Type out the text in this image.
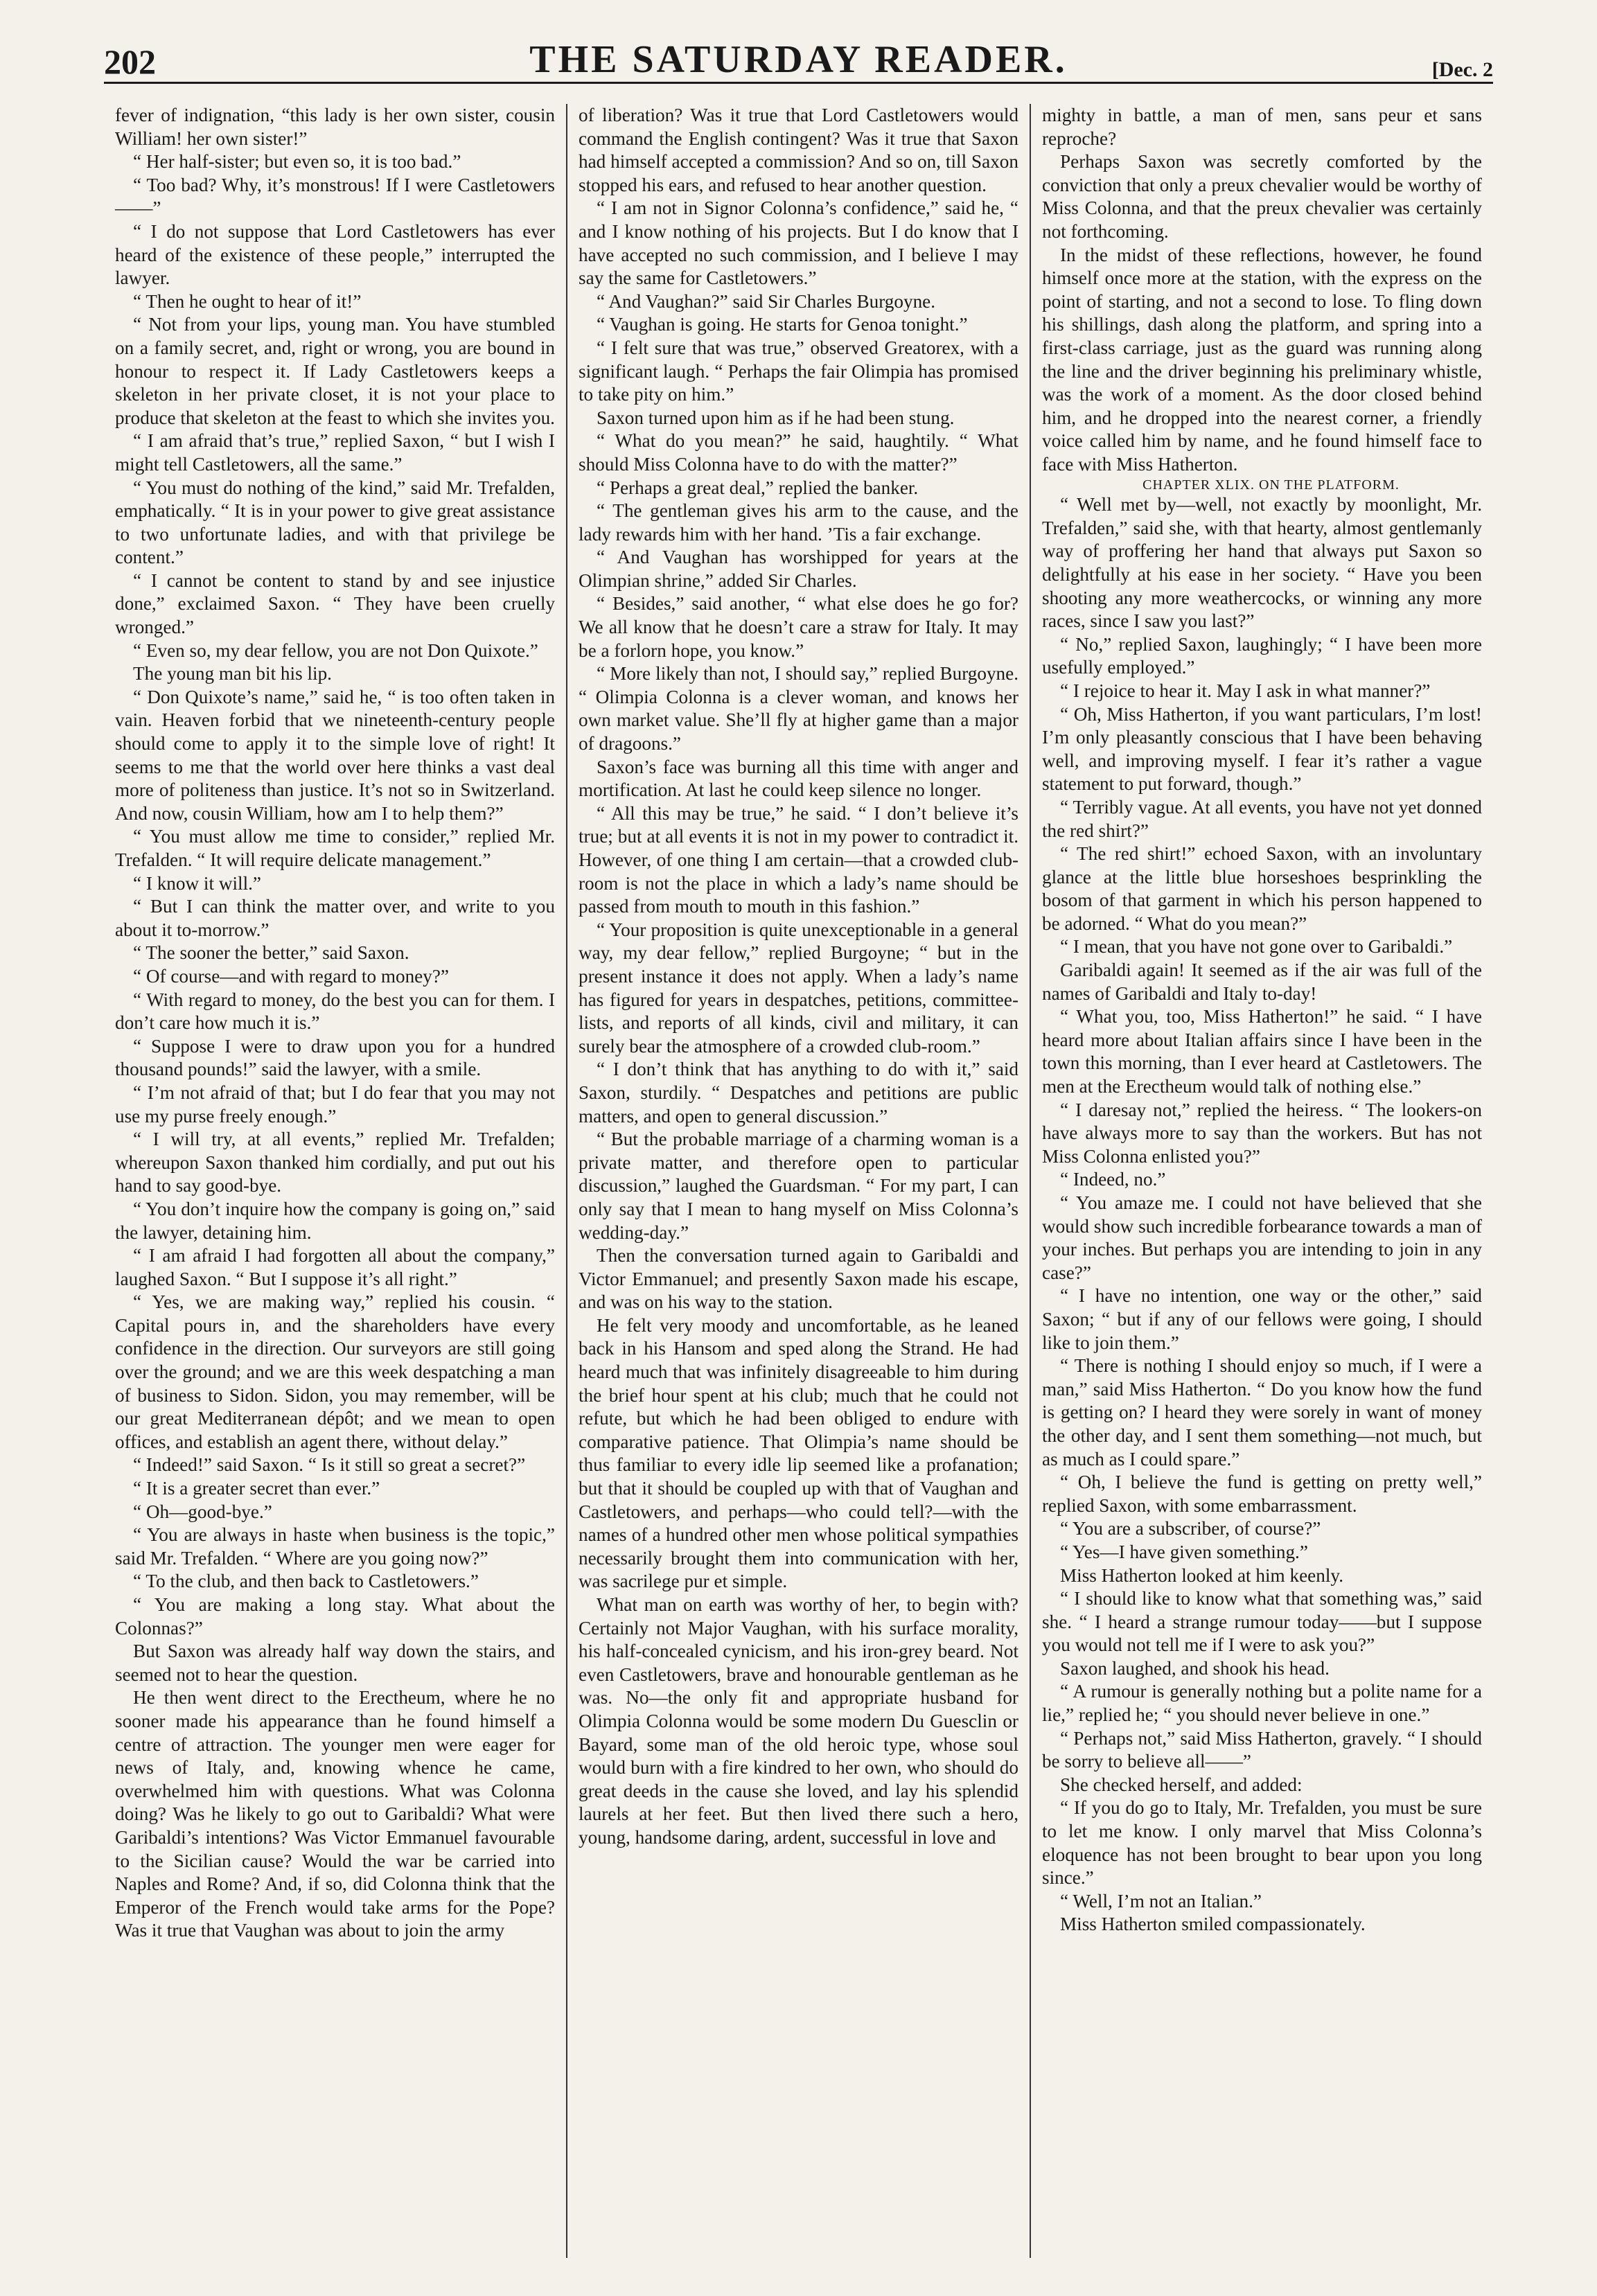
202	THE SATURDAY READER.	[Dec. 2

fever of indignation, “this lady is her own sister, cousin William! her own sister!”

“ Her half-sister; but even so, it is too bad.”

“ Too bad? Why, it’s monstrous! If I were Castletowers——”

“ I do not suppose that Lord Castletowers has ever heard of the existence of these people,” interrupted the lawyer.

“ Then he ought to hear of it!”

“ Not from your lips, young man. You have stumbled on a family secret, and, right or wrong, you are bound in honour to respect it. If Lady Castletowers keeps a skeleton in her private closet, it is not your place to produce that skeleton at the feast to which she invites you.

“ I am afraid that’s true,” replied Saxon, “ but I wish I might tell Castletowers, all the same.”

“ You must do nothing of the kind,” said Mr. Trefalden, emphatically. “ It is in your power to give great assistance to two unfortunate ladies, and with that privilege be content.”

“ I cannot be content to stand by and see injustice done,” exclaimed Saxon. “ They have been cruelly wronged.”

“ Even so, my dear fellow, you are not Don Quixote.”

The young man bit his lip.

“ Don Quixote’s name,” said he, “ is too often taken in vain. Heaven forbid that we nineteenth-century people should come to apply it to the simple love of right! It seems to me that the world over here thinks a vast deal more of politeness than justice. It’s not so in Switzerland. And now, cousin William, how am I to help them?”

“ You must allow me time to consider,” replied Mr. Trefalden. “ It will require delicate management.”

“ I know it will.”

“ But I can think the matter over, and write to you about it to-morrow.”

“ The sooner the better,” said Saxon.

“ Of course—and with regard to money?”

“ With regard to money, do the best you can for them. I don’t care how much it is.”

“ Suppose I were to draw upon you for a hundred thousand pounds!” said the lawyer, with a smile.

“ I’m not afraid of that; but I do fear that you may not use my purse freely enough.”

“ I will try, at all events,” replied Mr. Trefalden; whereupon Saxon thanked him cordially, and put out his hand to say good-bye.

“ You don’t inquire how the company is going on,” said the lawyer, detaining him.

“ I am afraid I had forgotten all about the company,” laughed Saxon. “ But I suppose it’s all right.”

“ Yes, we are making way,” replied his cousin. “ Capital pours in, and the shareholders have every confidence in the direction. Our surveyors are still going over the ground; and we are this week despatching a man of business to Sidon. Sidon, you may remember, will be our great Mediterranean dépôt; and we mean to open offices, and establish an agent there, without delay.”

“ Indeed!” said Saxon. “ Is it still so great a secret?”

“ It is a greater secret than ever.”

“ Oh—good-bye.”

“ You are always in haste when business is the topic,” said Mr. Trefalden. “ Where are you going now?”

“ To the club, and then back to Castletowers.”

“ You are making a long stay. What about the Colonnas?”

But Saxon was already half way down the stairs, and seemed not to hear the question.

He then went direct to the Erectheum, where he no sooner made his appearance than he found himself a centre of attraction. The younger men were eager for news of Italy, and, knowing whence he came, overwhelmed him with questions. What was Colonna doing? Was he likely to go out to Garibaldi? What were Garibaldi’s intentions? Was Victor Emmanuel favourable to the Sicilian cause? Would the war be carried into Naples and Rome? And, if so, did Colonna think that the Emperor of the French would take arms for the Pope? Was it true that Vaughan was about to join the army

of liberation? Was it true that Lord Castletowers would command the English contingent? Was it true that Saxon had himself accepted a commission? And so on, till Saxon stopped his ears, and refused to hear another question.

“ I am not in Signor Colonna’s confidence,” said he, “ and I know nothing of his projects. But I do know that I have accepted no such commission, and I believe I may say the same for Castletowers.”

“ And Vaughan?” said Sir Charles Burgoyne.

“ Vaughan is going. He starts for Genoa tonight.”

“ I felt sure that was true,” observed Greatorex, with a significant laugh. “ Perhaps the fair Olimpia has promised to take pity on him.”

Saxon turned upon him as if he had been stung.

“ What do you mean?” he said, haughtily. “ What should Miss Colonna have to do with the matter?”

“ Perhaps a great deal,” replied the banker.

“ The gentleman gives his arm to the cause, and the lady rewards him with her hand. ’Tis a fair exchange.

“ And Vaughan has worshipped for years at the Olimpian shrine,” added Sir Charles.

“ Besides,” said another, “ what else does he go for? We all know that he doesn’t care a straw for Italy. It may be a forlorn hope, you know.”

“ More likely than not, I should say,” replied Burgoyne. “ Olimpia Colonna is a clever woman, and knows her own market value. She’ll fly at higher game than a major of dragoons.”

Saxon’s face was burning all this time with anger and mortification. At last he could keep silence no longer.

“ All this may be true,” he said. “ I don’t believe it’s true; but at all events it is not in my power to contradict it. However, of one thing I am certain—that a crowded club-room is not the place in which a lady’s name should be passed from mouth to mouth in this fashion.”

“ Your proposition is quite unexceptionable in a general way, my dear fellow,” replied Burgoyne; “ but in the present instance it does not apply. When a lady’s name has figured for years in despatches, petitions, committee-lists, and reports of all kinds, civil and military, it can surely bear the atmosphere of a crowded club-room.”

“ I don’t think that has anything to do with it,” said Saxon, sturdily. “ Despatches and petitions are public matters, and open to general discussion.”

“ But the probable marriage of a charming woman is a private matter, and therefore open to particular discussion,” laughed the Guardsman. “ For my part, I can only say that I mean to hang myself on Miss Colonna’s wedding-day.”

Then the conversation turned again to Garibaldi and Victor Emmanuel; and presently Saxon made his escape, and was on his way to the station.

He felt very moody and uncomfortable, as he leaned back in his Hansom and sped along the Strand. He had heard much that was infinitely disagreeable to him during the brief hour spent at his club; much that he could not refute, but which he had been obliged to endure with comparative patience. That Olimpia’s name should be thus familiar to every idle lip seemed like a profanation; but that it should be coupled up with that of Vaughan and Castletowers, and perhaps—who could tell?—with the names of a hundred other men whose political sympathies necessarily brought them into communication with her, was sacrilege pur et simple.

What man on earth was worthy of her, to begin with? Certainly not Major Vaughan, with his surface morality, his half-concealed cynicism, and his iron-grey beard. Not even Castletowers, brave and honourable gentleman as he was. No—the only fit and appropriate husband for Olimpia Colonna would be some modern Du Guesclin or Bayard, some man of the old heroic type, whose soul would burn with a fire kindred to her own, who should do great deeds in the cause she loved, and lay his splendid laurels at her feet. But then lived there such a hero, young, handsome daring, ardent, successful in love and

mighty in battle, a man of men, sans peur et sans reproche?

Perhaps Saxon was secretly comforted by the conviction that only a preux chevalier would be worthy of Miss Colonna, and that the preux chevalier was certainly not forthcoming.

In the midst of these reflections, however, he found himself once more at the station, with the express on the point of starting, and not a second to lose. To fling down his shillings, dash along the platform, and spring into a first-class carriage, just as the guard was running along the line and the driver beginning his preliminary whistle, was the work of a moment. As the door closed behind him, and he dropped into the nearest corner, a friendly voice called him by name, and he found himself face to face with Miss Hatherton.

CHAPTER XLIX. ON THE PLATFORM.

“ Well met by—well, not exactly by moonlight, Mr. Trefalden,” said she, with that hearty, almost gentlemanly way of proffering her hand that always put Saxon so delightfully at his ease in her society. “ Have you been shooting any more weathercocks, or winning any more races, since I saw you last?”

“ No,” replied Saxon, laughingly; “ I have been more usefully employed.”

“ I rejoice to hear it. May I ask in what manner?”

“ Oh, Miss Hatherton, if you want particulars, I’m lost! I’m only pleasantly conscious that I have been behaving well, and improving myself. I fear it’s rather a vague statement to put forward, though.”

“ Terribly vague. At all events, you have not yet donned the red shirt?”

“ The red shirt!” echoed Saxon, with an involuntary glance at the little blue horseshoes besprinkling the bosom of that garment in which his person happened to be adorned. “ What do you mean?”

“ I mean, that you have not gone over to Garibaldi.”

Garibaldi again! It seemed as if the air was full of the names of Garibaldi and Italy to-day!

“ What you, too, Miss Hatherton!” he said. “ I have heard more about Italian affairs since I have been in the town this morning, than I ever heard at Castletowers. The men at the Erectheum would talk of nothing else.”

“ I daresay not,” replied the heiress. “ The lookers-on have always more to say than the workers. But has not Miss Colonna enlisted you?”

“ Indeed, no.”

“ You amaze me. I could not have believed that she would show such incredible forbearance towards a man of your inches. But perhaps you are intending to join in any case?”

“ I have no intention, one way or the other,” said Saxon; “ but if any of our fellows were going, I should like to join them.”

“ There is nothing I should enjoy so much, if I were a man,” said Miss Hatherton. “ Do you know how the fund is getting on? I heard they were sorely in want of money the other day, and I sent them something—not much, but as much as I could spare.”

“ Oh, I believe the fund is getting on pretty well,” replied Saxon, with some embarrassment.

“ You are a subscriber, of course?”

“ Yes—I have given something.”

Miss Hatherton looked at him keenly.

“ I should like to know what that something was,” said she. “ I heard a strange rumour today——but I suppose you would not tell me if I were to ask you?”

Saxon laughed, and shook his head.

“ A rumour is generally nothing but a polite name for a lie,” replied he; “ you should never believe in one.”

“ Perhaps not,” said Miss Hatherton, gravely. “ I should be sorry to believe all——”

She checked herself, and added:

“ If you do go to Italy, Mr. Trefalden, you must be sure to let me know. I only marvel that Miss Colonna’s eloquence has not been brought to bear upon you long since.”

“ Well, I’m not an Italian.”

Miss Hatherton smiled compassionately.
